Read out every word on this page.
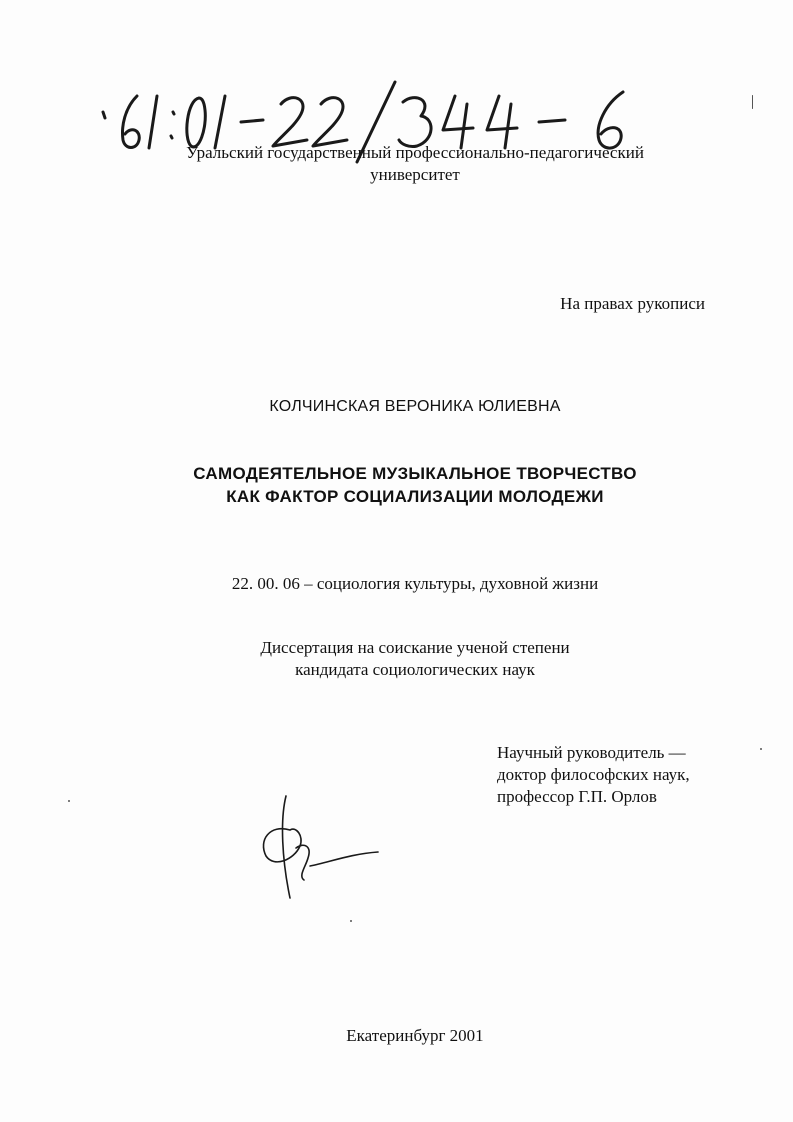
Уральский государственный профессионально-педагогический
университет
На правах рукописи
КОЛЧИНСКАЯ ВЕРОНИКА ЮЛИЕВНА
САМОДЕЯТЕЛЬНОЕ МУЗЫКАЛЬНОЕ ТВОРЧЕСТВО
КАК ФАКТОР СОЦИАЛИЗАЦИИ МОЛОДЕЖИ
22. 00. 06 – социология культуры, духовной жизни
Диссертация на соискание ученой степени
кандидата социологических наук
Научный руководитель —
доктор философских наук,
профессор Г.П. Орлов
Екатеринбург 2001
